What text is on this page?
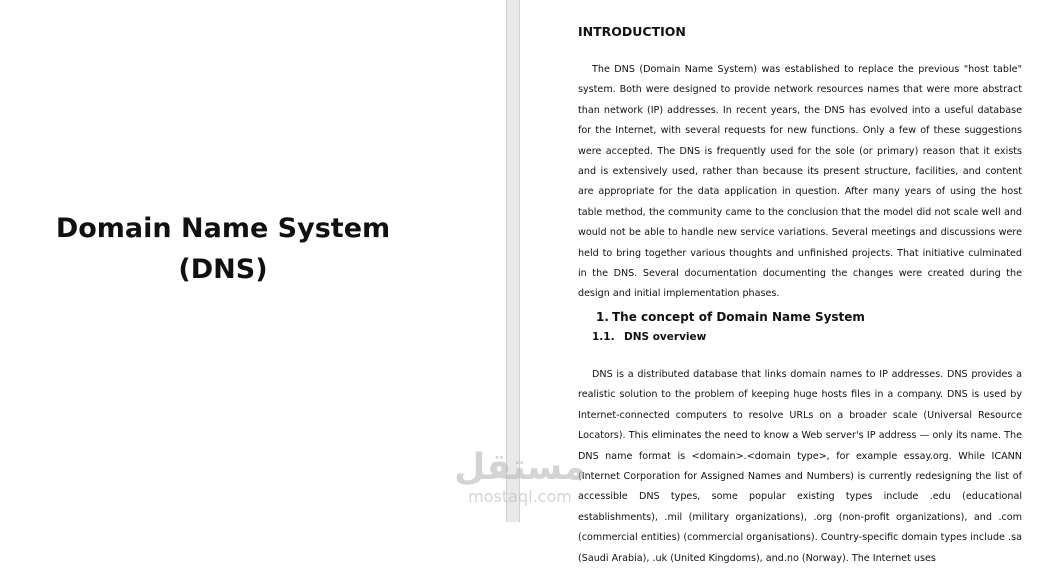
Domain Name System
(DNS)
INTRODUCTION

The DNS (Domain Name System) was established to replace the previous "host table" system. Both were designed to provide network resources names that were more abstract than network (IP) addresses. In recent years, the DNS has evolved into a useful database for the Internet, with several requests for new functions. Only a few of these suggestions were accepted. The DNS is frequently used for the sole (or primary) reason that it exists and is extensively used, rather than because its present structure, facilities, and content are appropriate for the data application in question. After many years of using the host table method, the community came to the conclusion that the model did not scale well and would not be able to handle new service variations. Several meetings and discussions were held to bring together various thoughts and unfinished projects. That initiative culminated in the DNS. Several documentation documenting the changes were created during the design and initial implementation phases.

1. The concept of Domain Name System
1.1. DNS overview

DNS is a distributed database that links domain names to IP addresses. DNS provides a realistic solution to the problem of keeping huge hosts files in a company. DNS is used by Internet-connected computers to resolve URLs on a broader scale (Universal Resource Locators). This eliminates the need to know a Web server's IP address — only its name. The DNS name format is <domain>.<domain type>, for example essay.org. While ICANN (Internet Corporation for Assigned Names and Numbers) is currently redesigning the list of accessible DNS types, some popular existing types include .edu (educational establishments), .mil (military organizations), .org (non-profit organizations), and .com (commercial entities) (commercial organisations). Country-specific domain types include .sa (Saudi Arabia), .uk (United Kingdoms), and.no (Norway). The Internet uses

مستقل
mostaql.com
